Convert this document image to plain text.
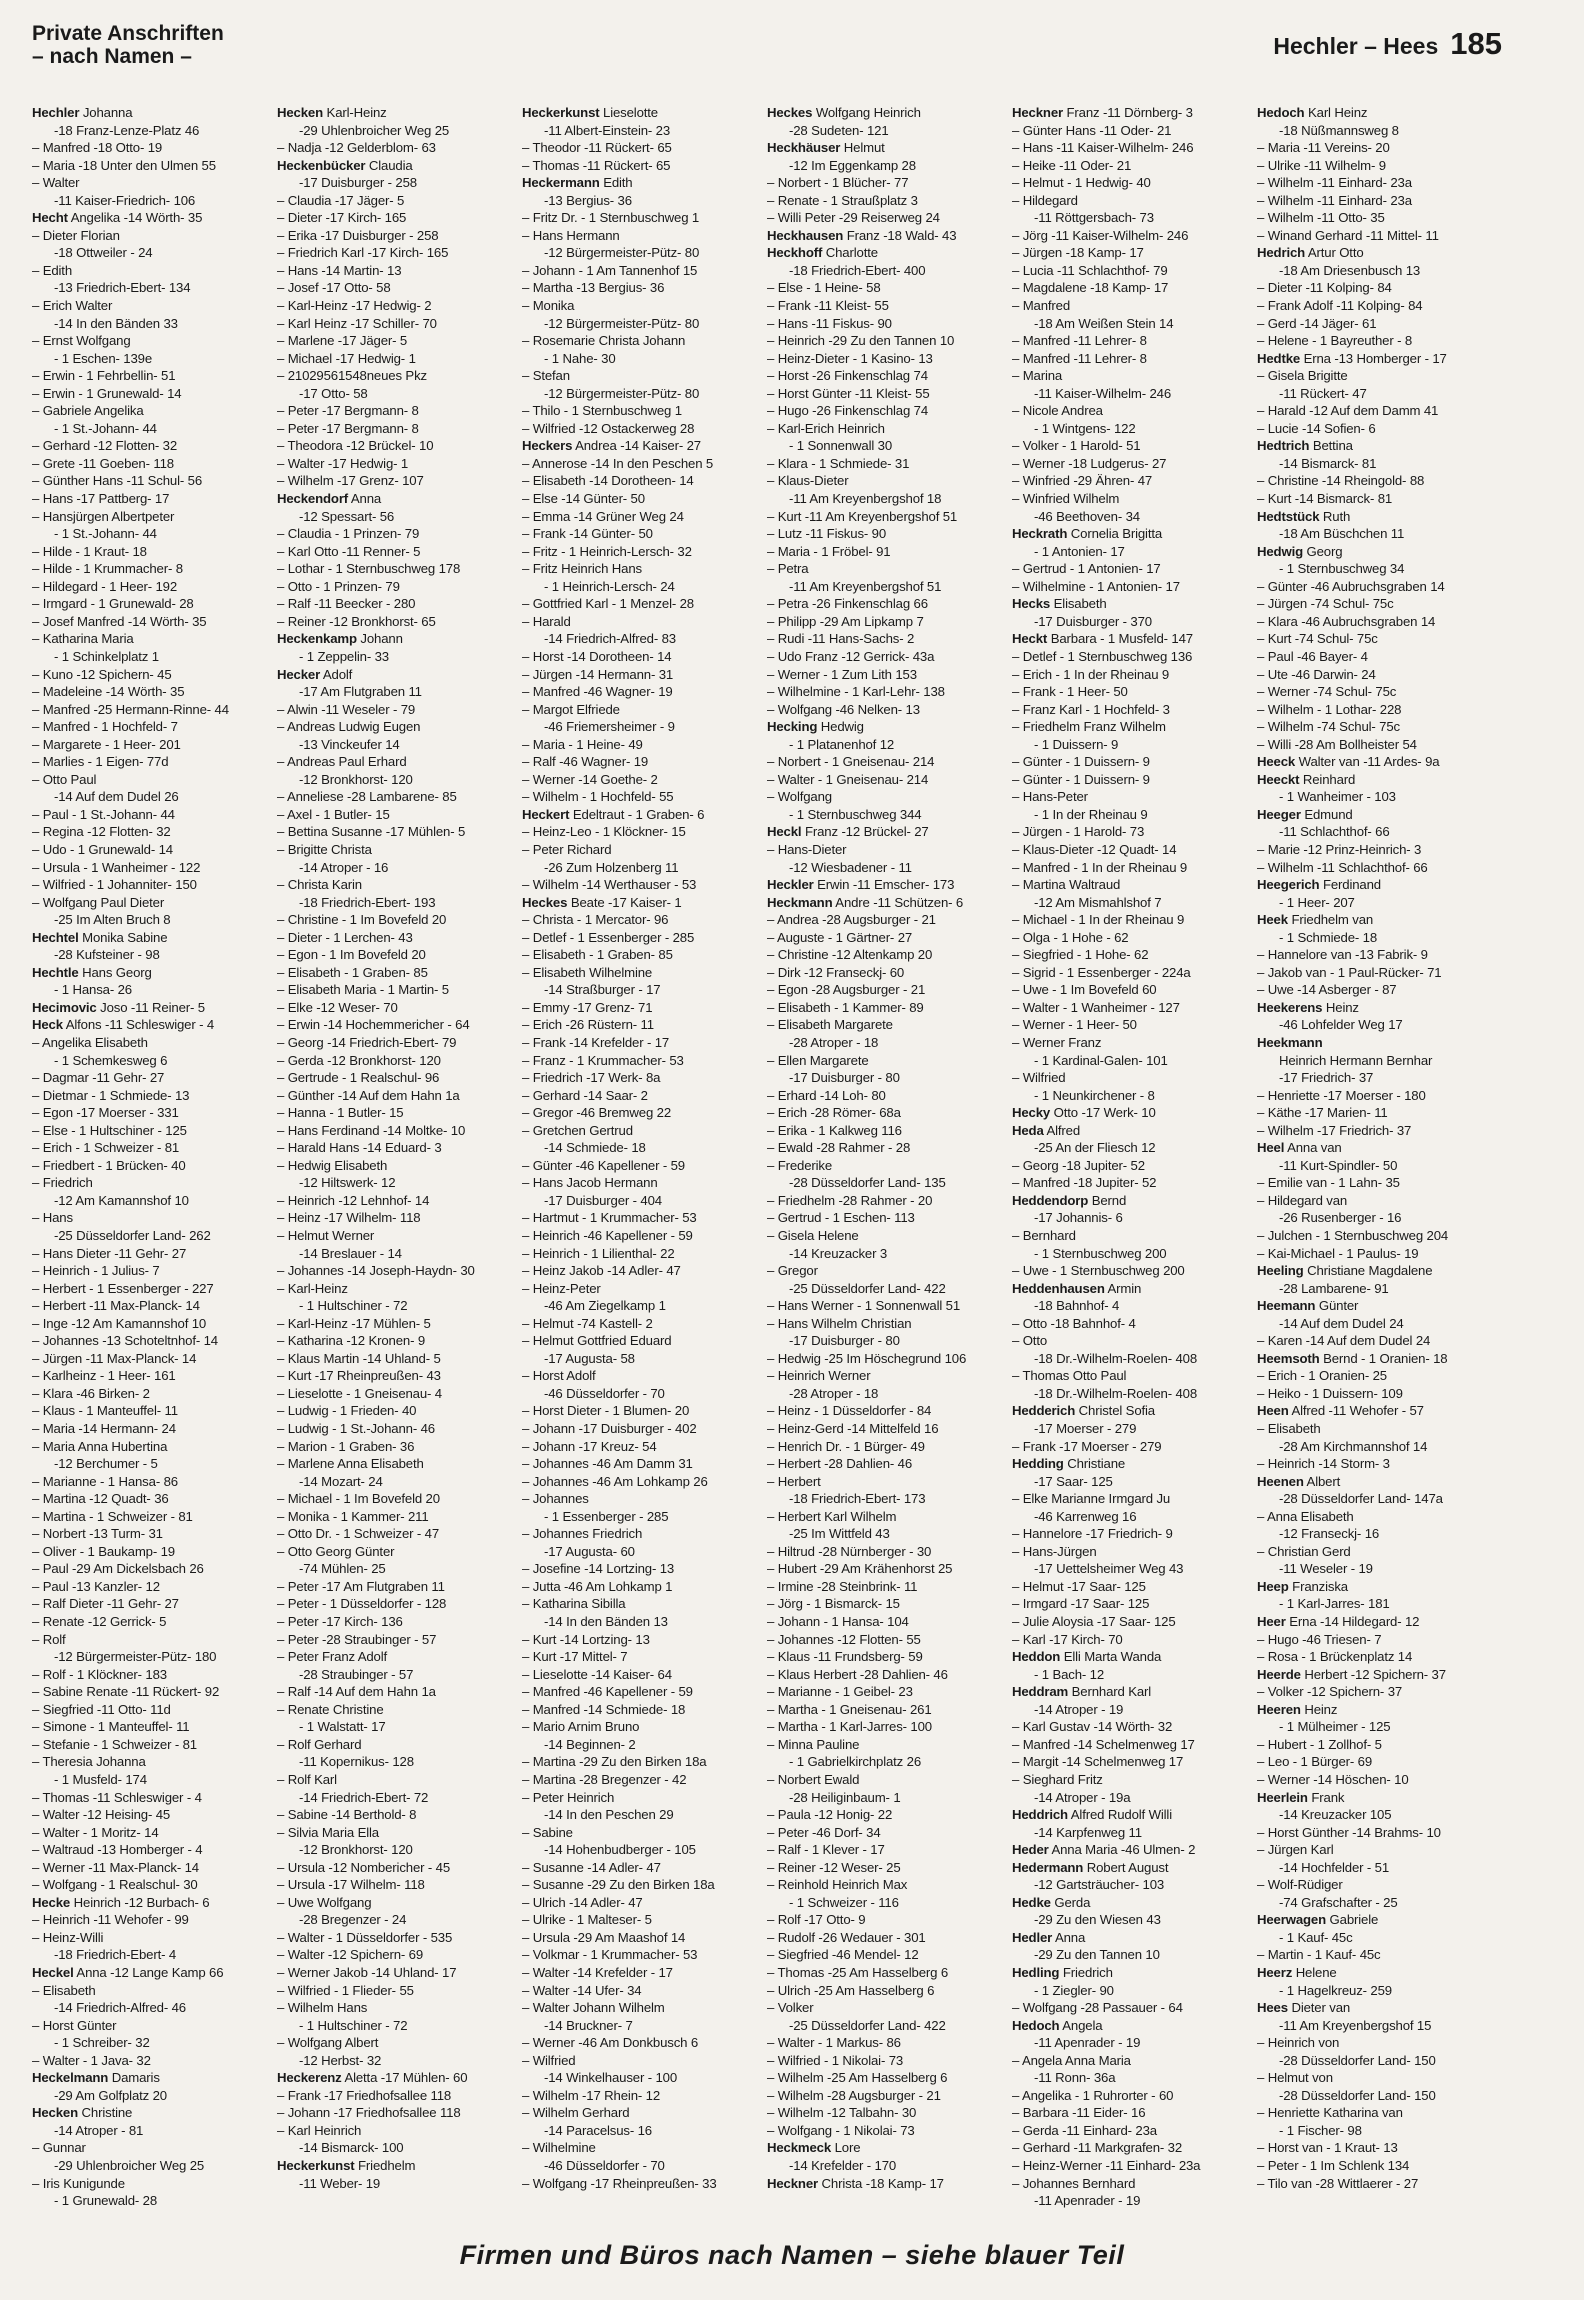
Private Anschriften
– nach Namen –	Hechler – Hees 185
Hechler Johanna
-18 Franz-Lenze-Platz 46
– Manfred -18 Otto- 19
– Maria -18 Unter den Ulmen 55
– Walter
-11 Kaiser-Friedrich- 106
Hecht Angelika -14 Wörth- 35
– Dieter Florian
-18 Ottweiler - 24
– Edith
-13 Friedrich-Ebert- 134
– Erich Walter
-14 In den Bänden 33
– Ernst Wolfgang
- 1 Eschen- 139e
– Erwin - 1 Fehrbellin- 51
– Erwin - 1 Grunewald- 14
– Gabriele Angelika
- 1 St.-Johann- 44
– Gerhard -12 Flotten- 32
– Grete -11 Goeben- 118
– Günther Hans -11 Schul- 56
– Hans -17 Pattberg- 17
– Hansjürgen Albertpeter
- 1 St.-Johann- 44
– Hilde - 1 Kraut- 18
– Hilde - 1 Krummacher- 8
– Hildegard - 1 Heer- 192
– Irmgard - 1 Grunewald- 28
– Josef Manfred -14 Wörth- 35
– Katharina Maria
- 1 Schinkelplatz 1
– Kuno -12 Spichern- 45
– Madeleine -14 Wörth- 35
– Manfred -25 Hermann-Rinne- 44
– Manfred - 1 Hochfeld- 7
– Margarete - 1 Heer- 201
– Marlies - 1 Eigen- 77d
– Otto Paul
-14 Auf dem Dudel 26
– Paul - 1 St.-Johann- 44
– Regina -12 Flotten- 32
– Udo - 1 Grunewald- 14
– Ursula - 1 Wanheimer - 122
– Wilfried - 1 Johanniter- 150
– Wolfgang Paul Dieter
-25 Im Alten Bruch 8
Hechtel Monika Sabine
-28 Kufsteiner - 98
Hechtle Hans Georg
- 1 Hansa- 26
Hecimovic Joso -11 Reiner- 5
Heck Alfons -11 Schleswiger - 4
– Angelika Elisabeth
- 1 Schemkesweg 6
– Dagmar -11 Gehr- 27
– Dietmar - 1 Schmiede- 13
– Egon -17 Moerser - 331
– Else - 1 Hultschiner - 125
– Erich - 1 Schweizer - 81
– Friedbert - 1 Brücken- 40
– Friedrich
-12 Am Kamannshof 10
– Hans
-25 Düsseldorfer Land- 262
– Hans Dieter -11 Gehr- 27
– Heinrich - 1 Julius- 7
– Herbert - 1 Essenberger - 227
– Herbert -11 Max-Planck- 14
– Inge -12 Am Kamannshof 10
– Johannes -13 Schoteltnhof- 14
– Jürgen -11 Max-Planck- 14
– Karlheinz - 1 Heer- 161
– Klara -46 Birken- 2
– Klaus - 1 Manteuffel- 11
– Maria -14 Hermann- 24
– Maria Anna Hubertina
-12 Berchumer - 5
– Marianne - 1 Hansa- 86
– Martina -12 Quadt- 36
– Martina - 1 Schweizer - 81
– Norbert -13 Turm- 31
– Oliver - 1 Baukamp- 19
– Paul -29 Am Dickelsbach 26
– Paul -13 Kanzler- 12
– Ralf Dieter -11 Gehr- 27
– Renate -12 Gerrick- 5
– Rolf
-12 Bürgermeister-Pütz- 180
– Rolf - 1 Klöckner- 183
– Sabine Renate -11 Rückert- 92
– Siegfried -11 Otto- 11d
– Simone - 1 Manteuffel- 11
– Stefanie - 1 Schweizer - 81
– Theresia Johanna
- 1 Musfeld- 174
– Thomas -11 Schleswiger - 4
– Walter -12 Heising- 45
– Walter - 1 Moritz- 14
– Waltraud -13 Homberger - 4
– Werner -11 Max-Planck- 14
– Wolfgang - 1 Realschul- 30
Hecke Heinrich -12 Burbach- 6
– Heinrich -11 Wehofer - 99
– Heinz-Willi
-18 Friedrich-Ebert- 4
Heckel Anna -12 Lange Kamp 66
– Elisabeth
-14 Friedrich-Alfred- 46
– Horst Günter
- 1 Schreiber- 32
– Walter - 1 Java- 32
Heckelmann Damaris
-29 Am Golfplatz 20
Hecken Christine
-14 Atroper - 81
– Gunnar
-29 Uhlenbroicher Weg 25
– Iris Kunigunde
- 1 Grunewald- 28
Hecken Karl-Heinz
-29 Uhlenbroicher Weg 25
– Nadja -12 Gelderblom- 63
Heckenbücker Claudia
-17 Duisburger - 258
– Claudia -17 Jäger- 5
– Dieter -17 Kirch- 165
– Erika -17 Duisburger - 258
– Friedrich Karl -17 Kirch- 165
– Hans -14 Martin- 13
– Josef -17 Otto- 58
– Karl-Heinz -17 Hedwig- 2
– Karl Heinz -17 Schiller- 70
– Marlene -17 Jäger- 5
– Michael -17 Hedwig- 1
– 21029561548neues Pkz
-17 Otto- 58
– Peter -17 Bergmann- 8
– Peter -17 Bergmann- 8
– Theodora -12 Brückel- 10
– Walter -17 Hedwig- 1
– Wilhelm -17 Grenz- 107
Heckendorf Anna
-12 Spessart- 56
– Claudia - 1 Prinzen- 79
– Karl Otto -11 Renner- 5
– Lothar - 1 Sternbuschweg 178
– Otto - 1 Prinzen- 79
– Ralf -11 Beecker - 280
– Reiner -12 Bronkhorst- 65
Heckenkamp Johann
- 1 Zeppelin- 33
Hecker Adolf
-17 Am Flutgraben 11
– Alwin -11 Weseler - 79
– Andreas Ludwig Eugen
-13 Vinckeufer 14
– Andreas Paul Erhard
-12 Bronkhorst- 120
– Anneliese -28 Lambarene- 85
– Axel - 1 Butler- 15
– Bettina Susanne -17 Mühlen- 5
– Brigitte Christa
-14 Atroper - 16
– Christa Karin
-18 Friedrich-Ebert- 193
– Christine - 1 Im Bovefeld 20
– Dieter - 1 Lerchen- 43
– Egon - 1 Im Bovefeld 20
– Elisabeth - 1 Graben- 85
– Elisabeth Maria - 1 Martin- 5
– Elke -12 Weser- 70
– Erwin -14 Hochemmericher - 64
– Georg -14 Friedrich-Ebert- 79
– Gerda -12 Bronkhorst- 120
– Gertrude - 1 Realschul- 96
– Günther -14 Auf dem Hahn 1a
– Hanna - 1 Butler- 15
– Hans Ferdinand -14 Moltke- 10
– Harald Hans -14 Eduard- 3
– Hedwig Elisabeth
-12 Hiltswerk- 12
– Heinrich -12 Lehnhof- 14
– Heinz -17 Wilhelm- 118
– Helmut Werner
-14 Breslauer - 14
– Johannes -14 Joseph-Haydn- 30
– Karl-Heinz
- 1 Hultschiner - 72
– Karl-Heinz -17 Mühlen- 5
– Katharina -12 Kronen- 9
– Klaus Martin -14 Uhland- 5
– Kurt -17 Rheinpreußen- 43
– Lieselotte - 1 Gneisenau- 4
– Ludwig - 1 Frieden- 40
– Ludwig - 1 St.-Johann- 46
– Marion - 1 Graben- 36
– Marlene Anna Elisabeth
-14 Mozart- 24
– Michael - 1 Im Bovefeld 20
– Monika - 1 Kammer- 211
– Otto Dr. - 1 Schweizer - 47
– Otto Georg Günter
-74 Mühlen- 25
– Peter -17 Am Flutgraben 11
– Peter - 1 Düsseldorfer - 128
– Peter -17 Kirch- 136
– Peter -28 Straubinger - 57
– Peter Franz Adolf
-28 Straubinger - 57
– Ralf -14 Auf dem Hahn 1a
– Renate Christine
- 1 Walstatt- 17
– Rolf Gerhard
-11 Kopernikus- 128
– Rolf Karl
-14 Friedrich-Ebert- 72
– Sabine -14 Berthold- 8
– Silvia Maria Ella
-12 Bronkhorst- 120
– Ursula -12 Nombericher - 45
– Ursula -17 Wilhelm- 118
– Uwe Wolfgang
-28 Bregenzer - 24
– Walter - 1 Düsseldorfer - 535
– Walter -12 Spichern- 69
– Werner Jakob -14 Uhland- 17
– Wilfried - 1 Flieder- 55
– Wilhelm Hans
- 1 Hultschiner - 72
– Wolfgang Albert
-12 Herbst- 32
Heckerenz Aletta -17 Mühlen- 60
– Frank -17 Friedhofsallee 118
– Johann -17 Friedhofsallee 118
– Karl Heinrich
-14 Bismarck- 100
Heckerkunst Friedhelm
-11 Weber- 19
Heckerkunst Lieselotte
-11 Albert-Einstein- 23
– Theodor -11 Rückert- 65
– Thomas -11 Rückert- 65
Heckermann Edith
-13 Bergius- 36
– Fritz Dr. - 1 Sternbuschweg 1
– Hans Hermann
-12 Bürgermeister-Pütz- 80
– Johann - 1 Am Tannenhof 15
– Martha -13 Bergius- 36
– Monika
-12 Bürgermeister-Pütz- 80
– Rosemarie Christa Johann
- 1 Nahe- 30
– Stefan
-12 Bürgermeister-Pütz- 80
– Thilo - 1 Sternbuschweg 1
– Wilfried -12 Ostackerweg 28
Heckers Andrea -14 Kaiser- 27
– Annerose -14 In den Peschen 5
– Elisabeth -14 Dorotheen- 14
– Else -14 Günter- 50
– Emma -14 Grüner Weg 24
– Frank -14 Günter- 50
– Fritz - 1 Heinrich-Lersch- 32
– Fritz Heinrich Hans
- 1 Heinrich-Lersch- 24
– Gottfried Karl - 1 Menzel- 28
– Harald
-14 Friedrich-Alfred- 83
– Horst -14 Dorotheen- 14
– Jürgen -14 Hermann- 31
– Manfred -46 Wagner- 19
– Margot Elfriede
-46 Friemersheimer - 9
– Maria - 1 Heine- 49
– Ralf -46 Wagner- 19
– Werner -14 Goethe- 2
– Wilhelm - 1 Hochfeld- 55
Heckert Edeltraut - 1 Graben- 6
– Heinz-Leo - 1 Klöckner- 15
– Peter Richard
-26 Zum Holzenberg 11
– Wilhelm -14 Werthauser - 53
Heckes Beate -17 Kaiser- 1
– Christa - 1 Mercator- 96
– Detlef - 1 Essenberger - 285
– Elisabeth - 1 Graben- 85
– Elisabeth Wilhelmine
-14 Straßburger - 17
– Emmy -17 Grenz- 71
– Erich -26 Rüstern- 11
– Frank -14 Krefelder - 17
– Franz - 1 Krummacher- 53
– Friedrich -17 Werk- 8a
– Gerhard -14 Saar- 2
– Gregor -46 Bremweg 22
– Gretchen Gertrud
-14 Schmiede- 18
– Günter -46 Kapellener - 59
– Hans Jacob Hermann
-17 Duisburger - 404
– Hartmut - 1 Krummacher- 53
– Heinrich -46 Kapellener - 59
– Heinrich - 1 Lilienthal- 22
– Heinz Jakob -14 Adler- 47
– Heinz-Peter
-46 Am Ziegelkamp 1
– Helmut -74 Kastell- 2
– Helmut Gottfried Eduard
-17 Augusta- 58
– Horst Adolf
-46 Düsseldorfer - 70
– Horst Dieter - 1 Blumen- 20
– Johann -17 Duisburger - 402
– Johann -17 Kreuz- 54
– Johannes -46 Am Damm 31
– Johannes -46 Am Lohkamp 26
– Johannes
- 1 Essenberger - 285
– Johannes Friedrich
-17 Augusta- 60
– Josefine -14 Lortzing- 13
– Jutta -46 Am Lohkamp 1
– Katharina Sibilla
-14 In den Bänden 13
– Kurt -14 Lortzing- 13
– Kurt -17 Mittel- 7
– Lieselotte -14 Kaiser- 64
– Manfred -46 Kapellener - 59
– Manfred -14 Schmiede- 18
– Mario Arnim Bruno
-14 Beginnen- 2
– Martina -29 Zu den Birken 18a
– Martina -28 Bregenzer - 42
– Peter Heinrich
-14 In den Peschen 29
– Sabine
-14 Hohenbudberger - 105
– Susanne -14 Adler- 47
– Susanne -29 Zu den Birken 18a
– Ulrich -14 Adler- 47
– Ulrike - 1 Malteser- 5
– Ursula -29 Am Maashof 14
– Volkmar - 1 Krummacher- 53
– Walter -14 Krefelder - 17
– Walter -14 Ufer- 34
– Walter Johann Wilhelm
-14 Bruckner- 7
– Werner -46 Am Donkbusch 6
– Wilfried
-14 Winkelhauser - 100
– Wilhelm -17 Rhein- 12
– Wilhelm Gerhard
-14 Paracelsus- 16
– Wilhelmine
-46 Düsseldorfer - 70
– Wolfgang -17 Rheinpreußen- 33
Heckes Wolfgang Heinrich
-28 Sudeten- 121
Heckhäuser Helmut
-12 Im Eggenkamp 28
– Norbert - 1 Blücher- 77
– Renate - 1 Straußplatz 3
– Willi Peter -29 Reiserweg 24
Heckhausen Franz -18 Wald- 43
Heckhoff Charlotte
-18 Friedrich-Ebert- 400
– Else - 1 Heine- 58
– Frank -11 Kleist- 55
– Hans -11 Fiskus- 90
– Heinrich -29 Zu den Tannen 10
– Heinz-Dieter - 1 Kasino- 13
– Horst -26 Finkenschlag 74
– Horst Günter -11 Kleist- 55
– Hugo -26 Finkenschlag 74
– Karl-Erich Heinrich
- 1 Sonnenwall 30
– Klara - 1 Schmiede- 31
– Klaus-Dieter
-11 Am Kreyenbergshof 18
– Kurt -11 Am Kreyenbergshof 51
– Lutz -11 Fiskus- 90
– Maria - 1 Fröbel- 91
– Petra
-11 Am Kreyenbergshof 51
– Petra -26 Finkenschlag 66
– Philipp -29 Am Lipkamp 7
– Rudi -11 Hans-Sachs- 2
– Udo Franz -12 Gerrick- 43a
– Werner - 1 Zum Lith 153
– Wilhelmine - 1 Karl-Lehr- 138
– Wolfgang -46 Nelken- 13
Hecking Hedwig
- 1 Platanenhof 12
– Norbert - 1 Gneisenau- 214
– Walter - 1 Gneisenau- 214
– Wolfgang
- 1 Sternbuschweg 344
Heckl Franz -12 Brückel- 27
– Hans-Dieter
-12 Wiesbadener - 11
Heckler Erwin -11 Emscher- 173
Heckmann Andre -11 Schützen- 6
– Andrea -28 Augsburger - 21
– Auguste - 1 Gärtner- 27
– Christine -12 Altenkamp 20
– Dirk -12 Franseckj- 60
– Egon -28 Augsburger - 21
– Elisabeth - 1 Kammer- 89
– Elisabeth Margarete
-28 Atroper - 18
– Ellen Margarete
-17 Duisburger - 80
– Erhard -14 Loh- 80
– Erich -28 Römer- 68a
– Erika - 1 Kalkweg 116
– Ewald -28 Rahmer - 28
– Frederike
-28 Düsseldorfer Land- 135
– Friedhelm -28 Rahmer - 20
– Gertrud - 1 Eschen- 113
– Gisela Helene
-14 Kreuzacker 3
– Gregor
-25 Düsseldorfer Land- 422
– Hans Werner - 1 Sonnenwall 51
– Hans Wilhelm Christian
-17 Duisburger - 80
– Hedwig -25 Im Höschegrund 106
– Heinrich Werner
-28 Atroper - 18
– Heinz - 1 Düsseldorfer - 84
– Heinz-Gerd -14 Mittelfeld 16
– Henrich Dr. - 1 Bürger- 49
– Herbert -28 Dahlien- 46
– Herbert
-18 Friedrich-Ebert- 173
– Herbert Karl Wilhelm
-25 Im Wittfeld 43
– Hiltrud -28 Nürnberger - 30
– Hubert -29 Am Krähenhorst 25
– Irmine -28 Steinbrink- 11
– Jörg - 1 Bismarck- 15
– Johann - 1 Hansa- 104
– Johannes -12 Flotten- 55
– Klaus -11 Frundsberg- 59
– Klaus Herbert -28 Dahlien- 46
– Marianne - 1 Geibel- 23
– Martha - 1 Gneisenau- 261
– Martha - 1 Karl-Jarres- 100
– Minna Pauline
- 1 Gabrielkirchplatz 26
– Norbert Ewald
-28 Heiliginbaum- 1
– Paula -12 Honig- 22
– Peter -46 Dorf- 34
– Ralf - 1 Klever - 17
– Reiner -12 Weser- 25
– Reinhold Heinrich Max
- 1 Schweizer - 116
– Rolf -17 Otto- 9
– Rudolf -26 Wedauer - 301
– Siegfried -46 Mendel- 12
– Thomas -25 Am Hasselberg 6
– Ulrich -25 Am Hasselberg 6
– Volker
-25 Düsseldorfer Land- 422
– Walter - 1 Markus- 86
– Wilfried - 1 Nikolai- 73
– Wilhelm -25 Am Hasselberg 6
– Wilhelm -28 Augsburger - 21
– Wilhelm -12 Talbahn- 30
– Wolfgang - 1 Nikolai- 73
Heckmeck Lore
-14 Krefelder - 170
Heckner Christa -18 Kamp- 17
Heckner Franz -11 Dörnberg- 3
– Günter Hans -11 Oder- 21
– Hans -11 Kaiser-Wilhelm- 246
– Heike -11 Oder- 21
– Helmut - 1 Hedwig- 40
– Hildegard
-11 Röttgersbach- 73
– Jörg -11 Kaiser-Wilhelm- 246
– Jürgen -18 Kamp- 17
– Lucia -11 Schlachthof- 79
– Magdalene -18 Kamp- 17
– Manfred
-18 Am Weißen Stein 14
– Manfred -11 Lehrer- 8
– Manfred -11 Lehrer- 8
– Marina
-11 Kaiser-Wilhelm- 246
– Nicole Andrea
- 1 Wintgens- 122
– Volker - 1 Harold- 51
– Werner -18 Ludgerus- 27
– Winfried -29 Ähren- 47
– Winfried Wilhelm
-46 Beethoven- 34
Heckrath Cornelia Brigitta
- 1 Antonien- 17
– Gertrud - 1 Antonien- 17
– Wilhelmine - 1 Antonien- 17
Hecks Elisabeth
-17 Duisburger - 370
Heckt Barbara - 1 Musfeld- 147
– Detlef - 1 Sternbuschweg 136
– Erich - 1 In der Rheinau 9
– Frank - 1 Heer- 50
– Franz Karl - 1 Hochfeld- 3
– Friedhelm Franz Wilhelm
- 1 Duissern- 9
– Günter - 1 Duissern- 9
– Günter - 1 Duissern- 9
– Hans-Peter
- 1 In der Rheinau 9
– Jürgen - 1 Harold- 73
– Klaus-Dieter -12 Quadt- 14
– Manfred - 1 In der Rheinau 9
– Martina Waltraud
-12 Am Mismahlshof 7
– Michael - 1 In der Rheinau 9
– Olga - 1 Hohe - 62
– Siegfried - 1 Hohe- 62
– Sigrid - 1 Essenberger - 224a
– Uwe - 1 Im Bovefeld 60
– Walter - 1 Wanheimer - 127
– Werner - 1 Heer- 50
– Werner Franz
- 1 Kardinal-Galen- 101
– Wilfried
- 1 Neunkirchener - 8
Hecky Otto -17 Werk- 10
Heda Alfred
-25 An der Fliesch 12
– Georg -18 Jupiter- 52
– Manfred -18 Jupiter- 52
Heddendorp Bernd
-17 Johannis- 6
– Bernhard
- 1 Sternbuschweg 200
– Uwe - 1 Sternbuschweg 200
Heddenhausen Armin
-18 Bahnhof- 4
– Otto -18 Bahnhof- 4
– Otto
-18 Dr.-Wilhelm-Roelen- 408
– Thomas Otto Paul
-18 Dr.-Wilhelm-Roelen- 408
Hedderich Christel Sofia
-17 Moerser - 279
– Frank -17 Moerser - 279
Hedding Christiane
-17 Saar- 125
– Elke Marianne Irmgard Ju
-46 Karrenweg 16
– Hannelore -17 Friedrich- 9
– Hans-Jürgen
-17 Uettelsheimer Weg 43
– Helmut -17 Saar- 125
– Irmgard -17 Saar- 125
– Julie Aloysia -17 Saar- 125
– Karl -17 Kirch- 70
Heddon Elli Marta Wanda
- 1 Bach- 12
Heddram Bernhard Karl
-14 Atroper - 19
– Karl Gustav -14 Wörth- 32
– Manfred -14 Schelmenweg 17
– Margit -14 Schelmenweg 17
– Sieghard Fritz
-14 Atroper - 19a
Heddrich Alfred Rudolf Willi
-14 Karpfenweg 11
Heder Anna Maria -46 Ulmen- 2
Hedermann Robert August
-12 Gartsträucher- 103
Hedke Gerda
-29 Zu den Wiesen 43
Hedler Anna
-29 Zu den Tannen 10
Hedling Friedrich
- 1 Ziegler- 90
– Wolfgang -28 Passauer - 64
Hedoch Angela
-11 Apenrader - 19
– Angela Anna Maria
-11 Ronn- 36a
– Angelika - 1 Ruhrorter - 60
– Barbara -11 Eider- 16
– Gerda -11 Einhard- 23a
– Gerhard -11 Markgrafen- 32
– Heinz-Werner -11 Einhard- 23a
– Johannes Bernhard
-11 Apenrader - 19
Hedoch Karl Heinz
-18 Nüßmannsweg 8
– Maria -11 Vereins- 20
– Ulrike -11 Wilhelm- 9
– Wilhelm -11 Einhard- 23a
– Wilhelm -11 Einhard- 23a
– Wilhelm -11 Otto- 35
– Winand Gerhard -11 Mittel- 11
Hedrich Artur Otto
-18 Am Driesenbusch 13
– Dieter -11 Kolping- 84
– Frank Adolf -11 Kolping- 84
– Gerd -14 Jäger- 61
– Helene - 1 Bayreuther - 8
Hedtke Erna -13 Homberger - 17
– Gisela Brigitte
-11 Rückert- 47
– Harald -12 Auf dem Damm 41
– Lucie -14 Sofien- 6
Hedtrich Bettina
-14 Bismarck- 81
– Christine -14 Rheingold- 88
– Kurt -14 Bismarck- 81
Hedtstück Ruth
-18 Am Büschchen 11
Hedwig Georg
- 1 Sternbuschweg 34
– Günter -46 Aubruchsgraben 14
– Jürgen -74 Schul- 75c
– Klara -46 Aubruchsgraben 14
– Kurt -74 Schul- 75c
– Paul -46 Bayer- 4
– Ute -46 Darwin- 24
– Werner -74 Schul- 75c
– Wilhelm - 1 Lothar- 228
– Wilhelm -74 Schul- 75c
– Willi -28 Am Bollheister 54
Heeck Walter van -11 Ardes- 9a
Heeckt Reinhard
- 1 Wanheimer - 103
Heeger Edmund
-11 Schlachthof- 66
– Marie -12 Prinz-Heinrich- 3
– Wilhelm -11 Schlachthof- 66
Heegerich Ferdinand
- 1 Heer- 207
Heek Friedhelm van
- 1 Schmiede- 18
– Hannelore van -13 Fabrik- 9
– Jakob van - 1 Paul-Rücker- 71
– Uwe -14 Asberger - 87
Heekerens Heinz
-46 Lohfelder Weg 17
Heekmann
Heinrich Hermann Bernhar
-17 Friedrich- 37
– Henriette -17 Moerser - 180
– Käthe -17 Marien- 11
– Wilhelm -17 Friedrich- 37
Heel Anna van
-11 Kurt-Spindler- 50
– Emilie van - 1 Lahn- 35
– Hildegard van
-26 Rusenberger - 16
– Julchen - 1 Sternbuschweg 204
– Kai-Michael - 1 Paulus- 19
Heeling Christiane Magdalene
-28 Lambarene- 91
Heemann Günter
-14 Auf dem Dudel 24
– Karen -14 Auf dem Dudel 24
Heemsoth Bernd - 1 Oranien- 18
– Erich - 1 Oranien- 25
– Heiko - 1 Duissern- 109
Heen Alfred -11 Wehofer - 57
– Elisabeth
-28 Am Kirchmannshof 14
– Heinrich -14 Storm- 3
Heenen Albert
-28 Düsseldorfer Land- 147a
– Anna Elisabeth
-12 Franseckj- 16
– Christian Gerd
-11 Weseler - 19
Heep Franziska
- 1 Karl-Jarres- 181
Heer Erna -14 Hildegard- 12
– Hugo -46 Triesen- 7
– Rosa - 1 Brückenplatz 14
Heerde Herbert -12 Spichern- 37
– Volker -12 Spichern- 37
Heeren Heinz
- 1 Mülheimer - 125
– Hubert - 1 Zollhof- 5
– Leo - 1 Bürger- 69
– Werner -14 Höschen- 10
Heerlein Frank
-14 Kreuzacker 105
– Horst Günther -14 Brahms- 10
– Jürgen Karl
-14 Hochfelder - 51
– Wolf-Rüdiger
-74 Grafschafter - 25
Heerwagen Gabriele
- 1 Kauf- 45c
– Martin - 1 Kauf- 45c
Heerz Helene
- 1 Hagelkreuz- 259
Hees Dieter van
-11 Am Kreyenbergshof 15
– Heinrich von
-28 Düsseldorfer Land- 150
– Helmut von
-28 Düsseldorfer Land- 150
– Henriette Katharina van
- 1 Fischer- 98
– Horst van - 1 Kraut- 13
– Peter - 1 Im Schlenk 134
– Tilo van -28 Wittlaerer - 27
Firmen und Büros nach Namen – siehe blauer Teil
